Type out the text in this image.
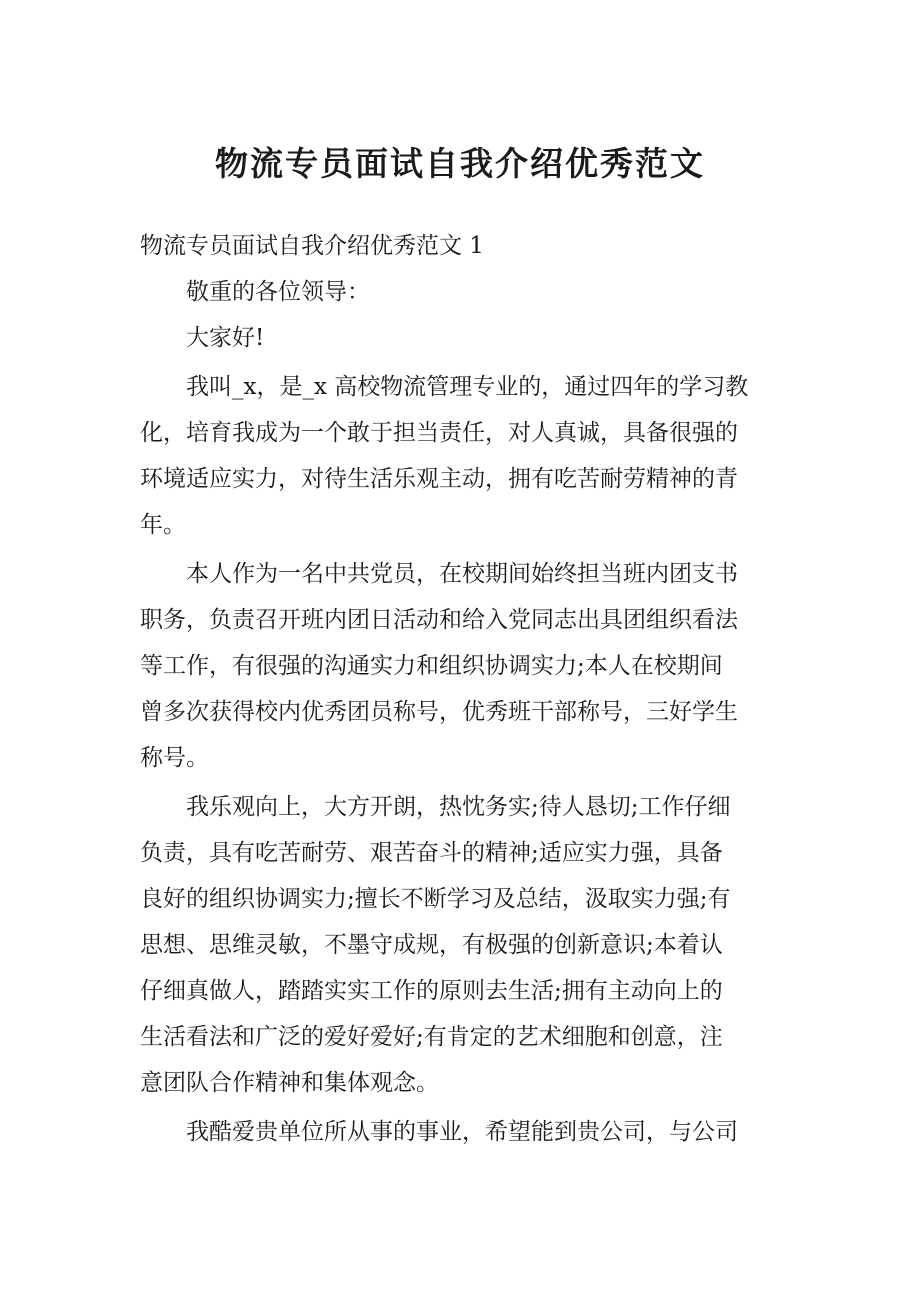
物流专员面试自我介绍优秀范文
物流专员面试自我介绍优秀范文 1
敬重的各位领导：
大家好!
我叫_x，是_x 高校物流管理专业的，通过四年的学习教
化，培育我成为一个敢于担当责任，对人真诚，具备很强的
环境适应实力，对待生活乐观主动，拥有吃苦耐劳精神的青
年。
本人作为一名中共党员，在校期间始终担当班内团支书
职务，负责召开班内团日活动和给入党同志出具团组织看法
等工作，有很强的沟通实力和组织协调实力;本人在校期间
曾多次获得校内优秀团员称号，优秀班干部称号，三好学生
称号。
我乐观向上，大方开朗，热忱务实;待人恳切;工作仔细
负责，具有吃苦耐劳、艰苦奋斗的精神;适应实力强，具备
良好的组织协调实力;擅长不断学习及总结，汲取实力强;有
思想、思维灵敏，不墨守成规，有极强的创新意识;本着认
仔细真做人，踏踏实实工作的原则去生活;拥有主动向上的
生活看法和广泛的爱好爱好;有肯定的艺术细胞和创意，注
意团队合作精神和集体观念。
我酷爱贵单位所从事的事业，希望能到贵公司，与公司
